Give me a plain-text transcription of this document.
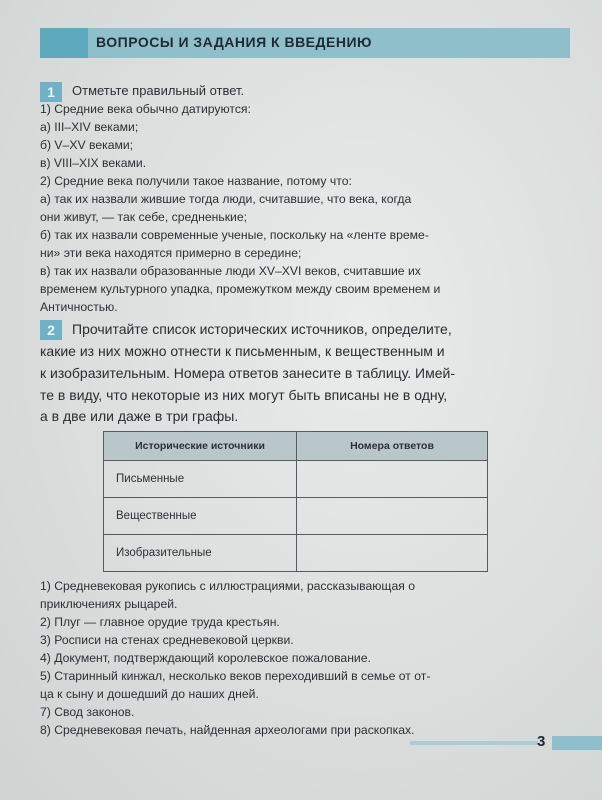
ВОПРОСЫ И ЗАДАНИЯ К ВВЕДЕНИЮ
1	Отметьте правильный ответ.
1) Средние века обычно датируются:
а) III–XIV веками;
б) V–XV веками;
в) VIII–XIX веками.
2) Средние века получили такое название, потому что:
а) так их назвали жившие тогда люди, считавшие, что века, когда
они живут, — так себе, средненькие;
б) так их назвали современные ученые, поскольку на «ленте време-
ни» эти века находятся примерно в середине;
в) так их назвали образованные люди XV–XVI веков, считавшие их
временем культурного упадка, промежутком между своим временем и
Античностью.
2	Прочитайте список исторических источников, определите,
какие из них можно отнести к письменным, к вещественным и
к изобразительным. Номера ответов занесите в таблицу. Имей-
те в виду, что некоторые из них могут быть вписаны не в одну,
а в две или даже в три графы.
Исторические источники	Номера ответов
Письменные	
Вещественные	
Изобразительные	
1) Средневековая рукопись с иллюстрациями, рассказывающая о
приключениях рыцарей.
2) Плуг — главное орудие труда крестьян.
3) Росписи на стенах средневековой церкви.
4) Документ, подтверждающий королевское пожалование.
5) Старинный кинжал, несколько веков переходивший в семье от от-
ца к сыну и дошедший до наших дней.
7) Свод законов.
8) Средневековая печать, найденная археологами при раскопках.
3
